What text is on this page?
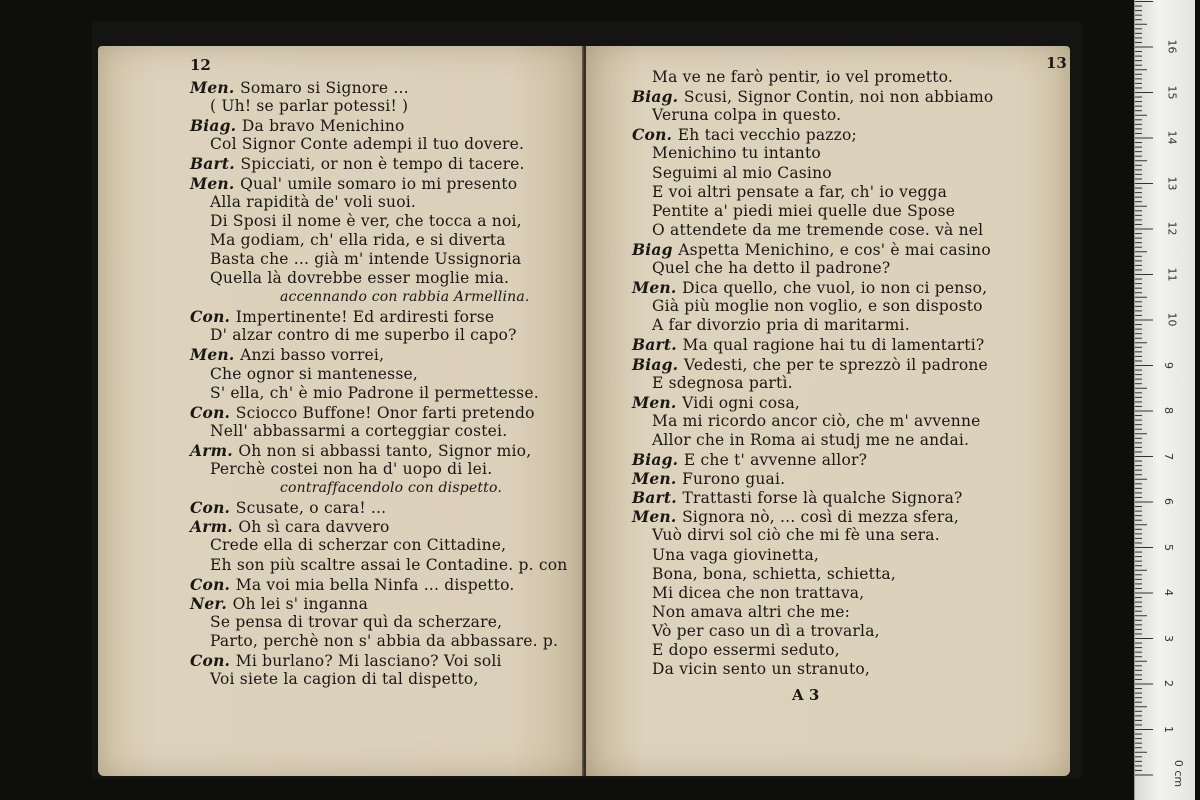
12
Men. Somaro si Signore ...
( Uh! se parlar potessi! )
Biag. Da bravo Menichino
Col Signor Conte adempi il tuo dovere.
Bart. Spicciati, or non è tempo di tacere.
Men. Qual' umile somaro io mi presento
Alla rapidità de' voli suoi.
Di Sposi il nome è ver, che tocca a noi,
Ma godiam, ch' ella rida, e si diverta
Basta che ... già m' intende Ussignoria
Quella là dovrebbe esser moglie mia.
accennando con rabbia Armellina.
Con. Impertinente! Ed ardiresti forse
D' alzar contro di me superbo il capo?
Men. Anzi basso vorrei,
Che ognor si mantenesse,
S' ella, ch' è mio Padrone il permettesse.
Con. Sciocco Buffone! Onor farti pretendo
Nell' abbassarmi a corteggiar costei.
Arm. Oh non si abbassi tanto, Signor mio,
Perchè costei non ha d' uopo di lei.
contraffacendolo con dispetto.
Con. Scusate, o cara! ...
Arm. Oh sì cara davvero
Crede ella di scherzar con Cittadine,
Eh son più scaltre assai le Contadine. p. con
Con. Ma voi mia bella Ninfa ... dispetto.
Ner. Oh lei s' inganna
Se pensa di trovar quì da scherzare,
Parto, perchè non s' abbia da abbassare. p.
Con. Mi burlano? Mi lasciano? Voi soli
Voi siete la cagion di tal dispetto,
13
Ma ve ne farò pentir, io vel prometto.
Biag. Scusi, Signor Contin, noi non abbiamo
Veruna colpa in questo.
Con. Eh taci vecchio pazzo;
Menichino tu intanto
Seguimi al mio Casino
E voi altri pensate a far, ch' io vegga
Pentite a' piedi miei quelle due Spose
O attendete da me tremende cose. và nel
Biag Aspetta Menichino, e cos' è mai casino
Quel che ha detto il padrone?
Men. Dica quello, che vuol, io non ci penso,
Già più moglie non voglio, e son disposto
A far divorzio pria di maritarmi.
Bart. Ma qual ragione hai tu di lamentarti?
Biag. Vedesti, che per te sprezzò il padrone
E sdegnosa partì.
Men. Vidi ogni cosa,
Ma mi ricordo ancor ciò, che m' avvenne
Allor che in Roma ai studj me ne andai.
Biag. E che t' avvenne allor?
Men. Furono guai.
Bart. Trattasti forse là qualche Signora?
Men. Signora nò, ... così di mezza sfera,
Vuò dirvi sol ciò che mi fè una sera.
Una vaga giovinetta,
Bona, bona, schietta, schietta,
Mi dicea che non trattava,
Non amava altri che me:
Vò per caso un dì a trovarla,
E dopo essermi seduto,
Da vicin sento un stranuto,
A 3
0 cm
1
2
3
4
5
6
7
8
9
10
11
12
13
14
15
16
